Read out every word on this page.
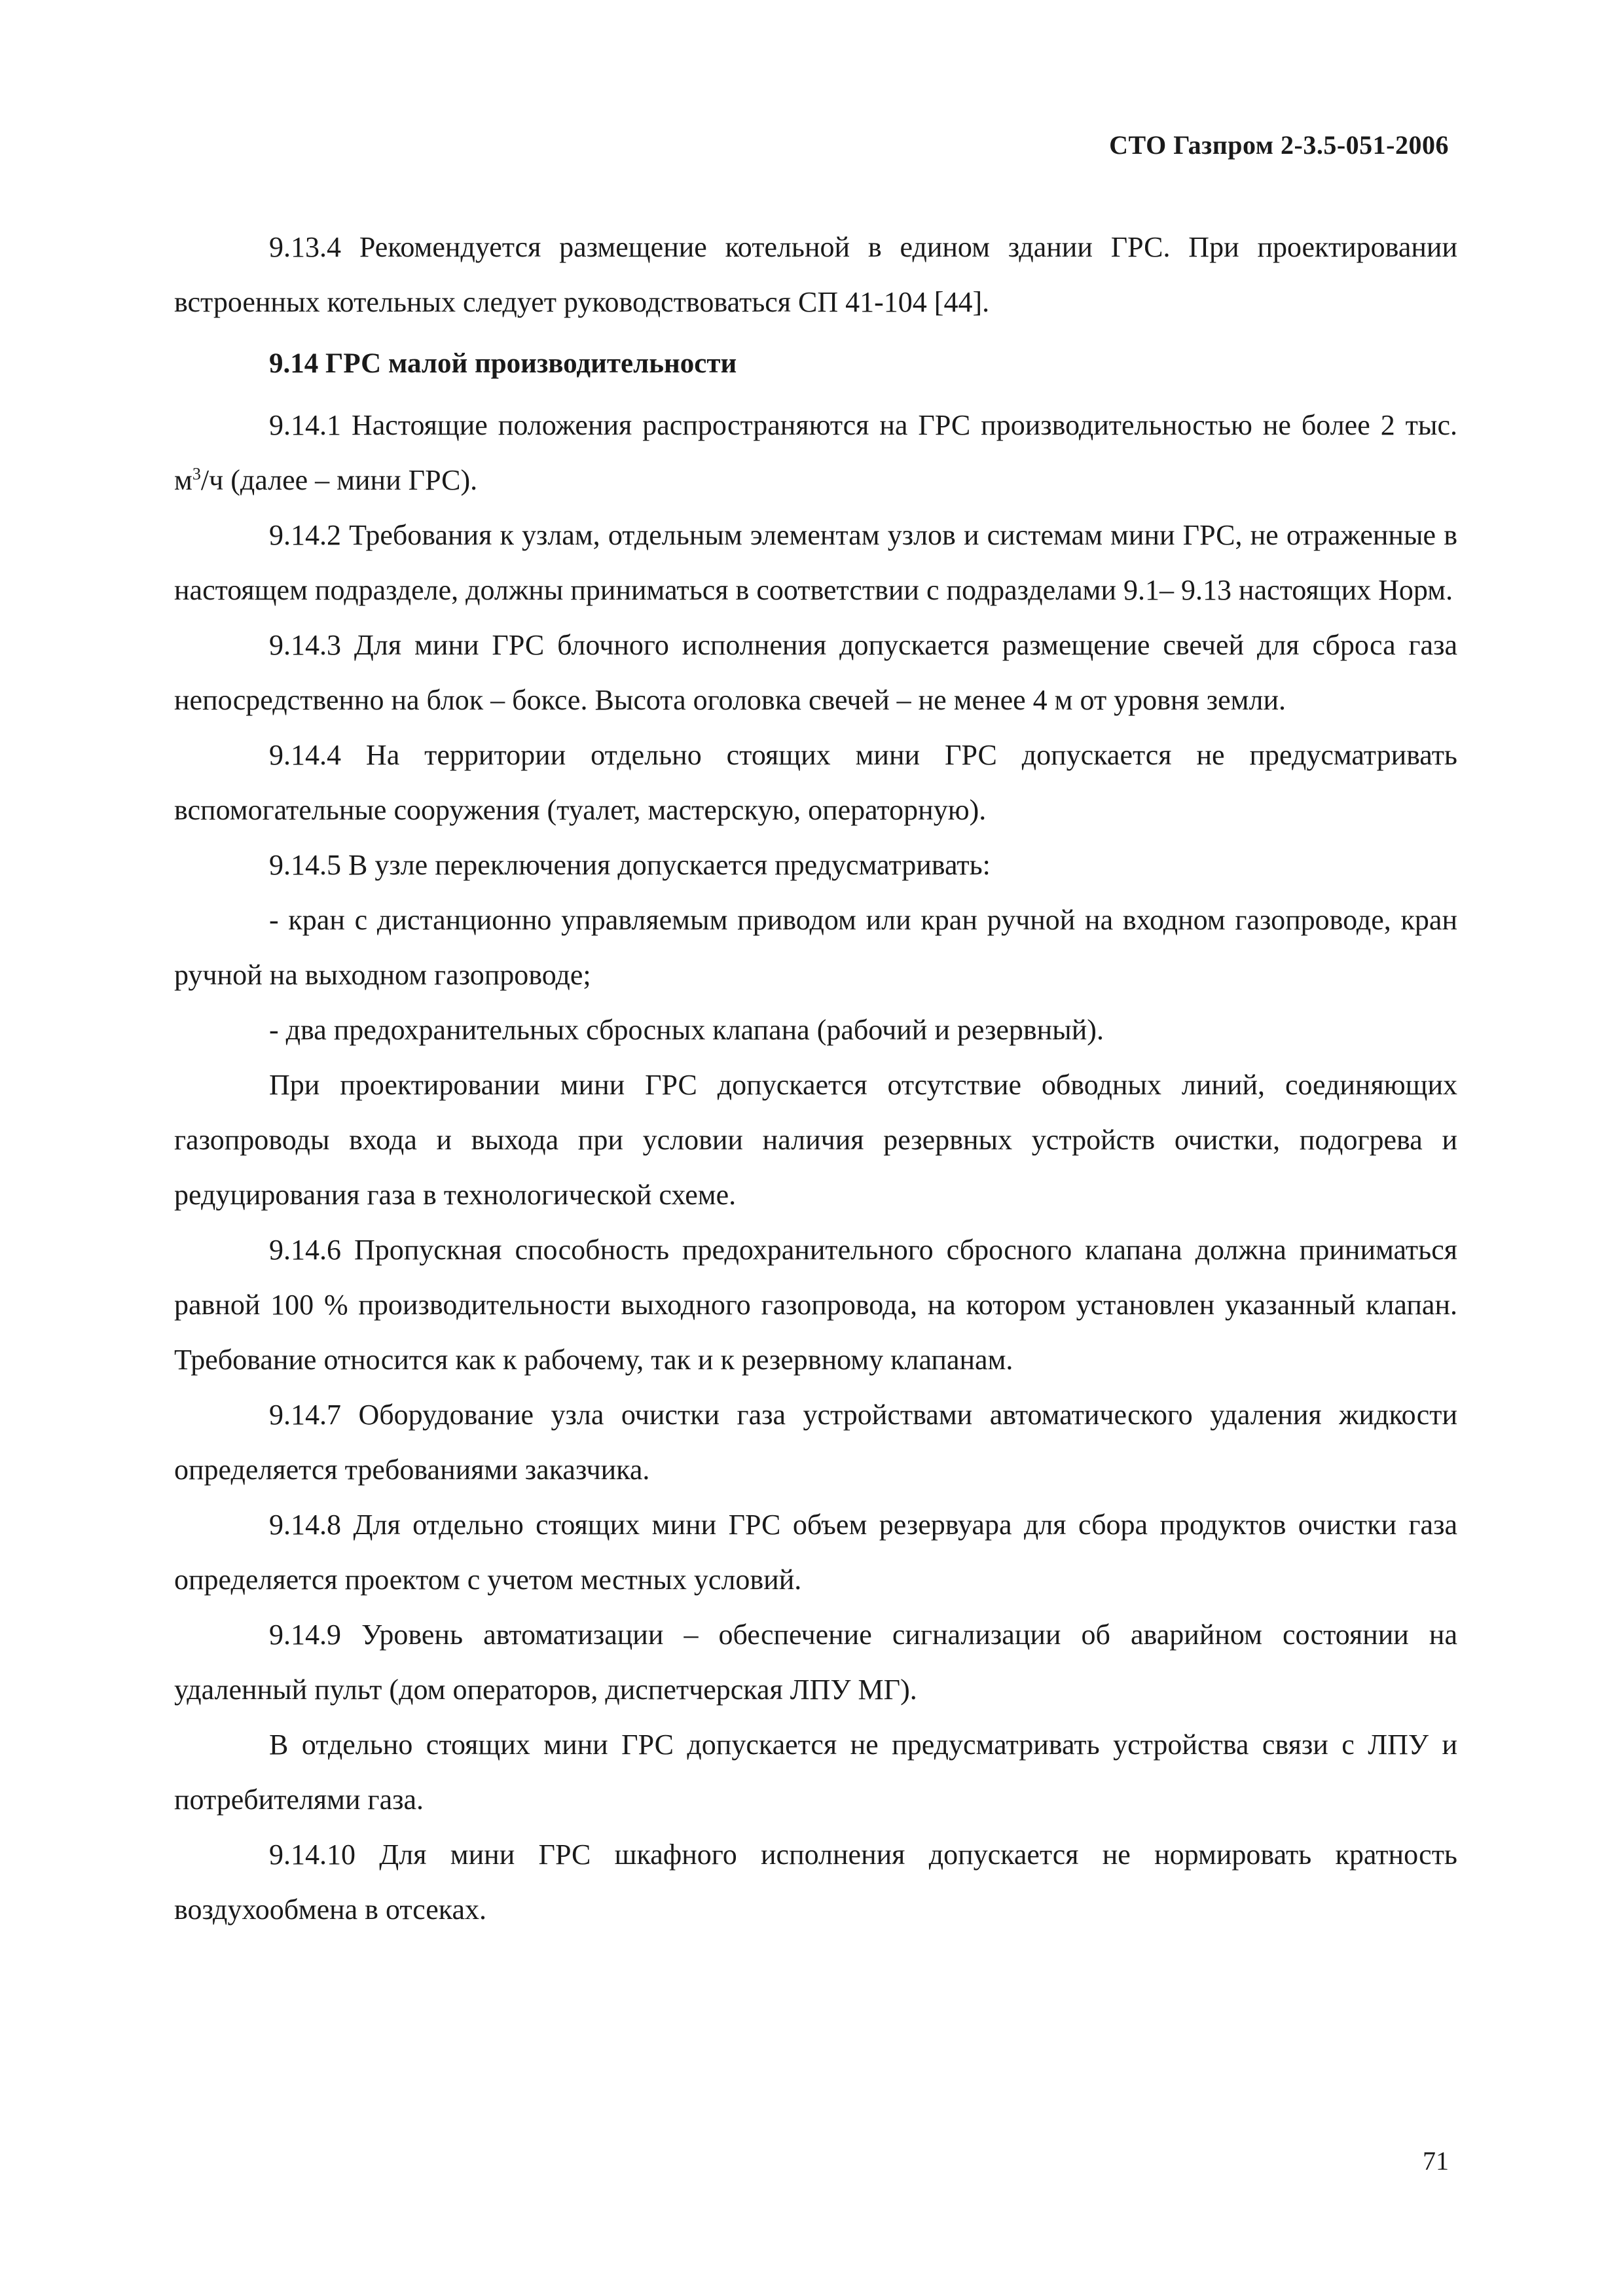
СТО Газпром 2-3.5-051-2006

9.13.4 Рекомендуется размещение котельной в едином здании ГРС. При проектировании встроенных котельных следует руководствоваться СП 41-104 [44].

9.14 ГРС малой производительности

9.14.1 Настоящие положения распространяются на ГРС производительностью не более 2 тыс. $м^3/ч$ (далее – мини ГРС).

9.14.2 Требования к узлам, отдельным элементам узлов и системам мини ГРС, не отраженные в настоящем подразделе, должны приниматься в соответствии с подразделами 9.1– 9.13 настоящих Норм.

9.14.3 Для мини ГРС блочного исполнения допускается размещение свечей для сброса газа непосредственно на блок – боксе. Высота оголовка свечей – не менее 4 м от уровня земли.

9.14.4 На территории отдельно стоящих мини ГРС допускается не предусматривать вспомогательные сооружения (туалет, мастерскую, операторную).

9.14.5 В узле переключения допускается предусматривать:

- кран с дистанционно управляемым приводом или кран ручной на входном газопроводе, кран ручной на выходном газопроводе;

- два предохранительных сбросных клапана (рабочий и резервный).

При проектировании мини ГРС допускается отсутствие обводных линий, соединяющих газопроводы входа и выхода при условии наличия резервных устройств очистки, подогрева и редуцирования газа в технологической схеме.

9.14.6 Пропускная способность предохранительного сбросного клапана должна приниматься равной 100 % производительности выходного газопровода, на котором установлен указанный клапан. Требование относится как к рабочему, так и к резервному клапанам.

9.14.7 Оборудование узла очистки газа устройствами автоматического удаления жидкости определяется требованиями заказчика.

9.14.8 Для отдельно стоящих мини ГРС объем резервуара для сбора продуктов очистки газа определяется проектом с учетом местных условий.

9.14.9 Уровень автоматизации – обеспечение сигнализации об аварийном состоянии на удаленный пульт (дом операторов, диспетчерская ЛПУ МГ).

В отдельно стоящих мини ГРС допускается не предусматривать устройства связи с ЛПУ и потребителями газа.

9.14.10 Для мини ГРС шкафного исполнения допускается не нормировать кратность воздухообмена в отсеках.

71
